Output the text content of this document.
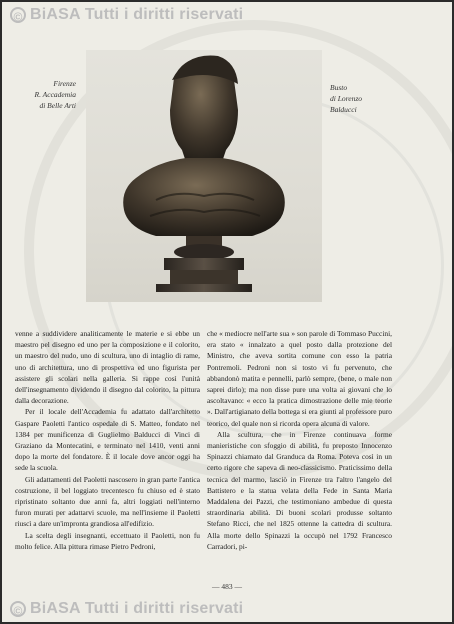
© BiASA Tutti i diritti riservati
Firenze
R. Accademia
di Belle Arti
Busto
di Lorenzo
Balducci

venne a suddividere analiticamente le materie e si ebbe un maestro pel disegno ed uno per la composizione e il colorito, un maestro del nudo, uno di scultura, uno di intaglio di rame, uno di architettura, uno di prospettiva ed uno figurista per assistere gli scolari nella galleria. Si rappe così l'unità dell'insegnamento dividendo il disegno dal colorito, la pittura dalla decorazione.

Per il locale dell'Accademia fu adattato dall'architetto Gaspare Paoletti l'antico ospedale di S. Matteo, fondato nel 1384 per munificenza di Guglielmo Balducci di Vinci di Graziano da Montecatini, e terminato nel 1410, venti anni dopo la morte del fondatore. È il locale dove ancor oggi ha sede la scuola.

Gli adattamenti del Paoletti nascosero in gran parte l'antica costruzione, il bel loggiato trecentesco fu chiuso ed è stato ripristinato soltanto due anni fa, altri loggiati nell'interno furon murati per adattarvi scuole, ma nell'insieme il Paoletti riuscì a dare un'impronta grandiosa all'edifizio.

La scelta degli insegnanti, eccettuato il Paoletti, non fu molto felice. Alla pittura rimase Pietro Pedroni,

che « mediocre nell'arte sua » son parole di Tommaso Puccini, era stato « innalzato a quel posto dalla protezione del Ministro, che aveva sortita comune con esso la patria Pontremoli. Pedroni non si tosto vi fu pervenuto, che abbandonò matita e pennelli, parlò sempre, (bene, o male non saprei dirlo); ma non disse pure una volta ai giovani che lo ascoltavano: « ecco la pratica dimostrazione delle mie teorie ». Dall'artigianato della bottega si era giunti al professore puro teorico, del quale non si ricorda opera alcuna di valore.

Alla scultura, che in Firenze continuava forme manieristiche con sfoggio di abilità, fu preposto Innocenzo Spinazzi chiamato dal Granduca da Roma. Poteva così in un certo rigore che sapeva di neo-classicismo. Praticissimo della tecnica del marmo, lasciò in Firenze tra l'altro l'angelo del Battistero e la statua velata della Fede in Santa Maria Maddalena dei Pazzi, che testimoniano ambedue di questa straordinaria abilità. Di buoni scolari produsse soltanto Stefano Ricci, che nel 1825 ottenne la cattedra di scultura. Alla morte dello Spinazzi la occupò nel 1792 Francesco Carradori, pi-

— 483 —
© BiASA Tutti i diritti riservati
